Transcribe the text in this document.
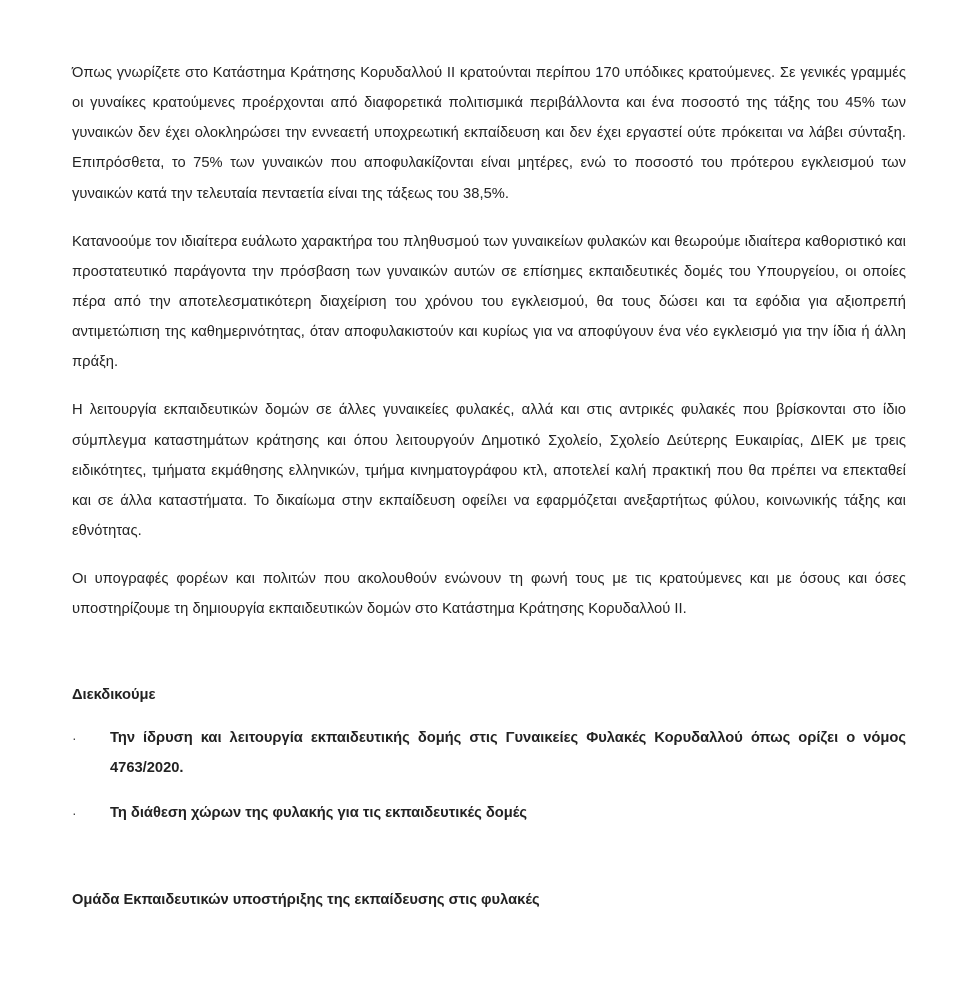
Όπως γνωρίζετε στο Κατάστημα Κράτησης Κορυδαλλού ΙΙ κρατούνται περίπου 170 υπόδικες κρατούμενες. Σε γενικές γραμμές οι γυναίκες κρατούμενες προέρχονται από διαφορετικά πολιτισμικά περιβάλλοντα και ένα ποσοστό της τάξης του 45% των γυναικών δεν έχει ολοκληρώσει την εννεαετή υποχρεωτική εκπαίδευση και δεν έχει εργαστεί ούτε πρόκειται να λάβει σύνταξη. Επιπρόσθετα, το 75% των γυναικών που αποφυλακίζονται είναι μητέρες, ενώ το ποσοστό του πρότερου εγκλεισμού των γυναικών κατά την τελευταία πενταετία είναι της τάξεως του 38,5%.

Κατανοούμε τον ιδιαίτερα ευάλωτο χαρακτήρα του πληθυσμού των γυναικείων φυλακών και θεωρούμε ιδιαίτερα καθοριστικό και προστατευτικό παράγοντα την πρόσβαση των γυναικών αυτών σε επίσημες εκπαιδευτικές δομές του Υπουργείου, οι οποίες πέρα από την αποτελεσματικότερη διαχείριση του χρόνου του εγκλεισμού, θα τους δώσει και τα εφόδια για αξιοπρεπή αντιμετώπιση της καθημερινότητας, όταν αποφυλακιστούν και κυρίως για να αποφύγουν ένα νέο εγκλεισμό για την ίδια ή άλλη πράξη.

Η λειτουργία εκπαιδευτικών δομών σε άλλες γυναικείες φυλακές, αλλά και στις αντρικές φυλακές που βρίσκονται στο ίδιο σύμπλεγμα καταστημάτων κράτησης και όπου λειτουργούν Δημοτικό Σχολείο, Σχολείο Δεύτερης Ευκαιρίας, ΔΙΕΚ με τρεις ειδικότητες, τμήματα εκμάθησης ελληνικών, τμήμα κινηματογράφου κτλ, αποτελεί καλή πρακτική που θα πρέπει να επεκταθεί και σε άλλα καταστήματα. Το δικαίωμα στην εκπαίδευση οφείλει να εφαρμόζεται ανεξαρτήτως φύλου, κοινωνικής τάξης και εθνότητας.

Οι υπογραφές φορέων και πολιτών που ακολουθούν ενώνουν τη φωνή τους με τις κρατούμενες και με όσους και όσες υποστηρίζουμε τη δημιουργία εκπαιδευτικών δομών στο Κατάστημα Κράτησης Κορυδαλλού ΙΙ.

Διεκδικούμε

·	Την ίδρυση και λειτουργία εκπαιδευτικής δομής στις Γυναικείες Φυλακές Κορυδαλλού όπως ορίζει ο νόμος 4763/2020.
·	Τη διάθεση χώρων της φυλακής για τις εκπαιδευτικές δομές

Ομάδα Εκπαιδευτικών υποστήριξης της εκπαίδευσης στις φυλακές
